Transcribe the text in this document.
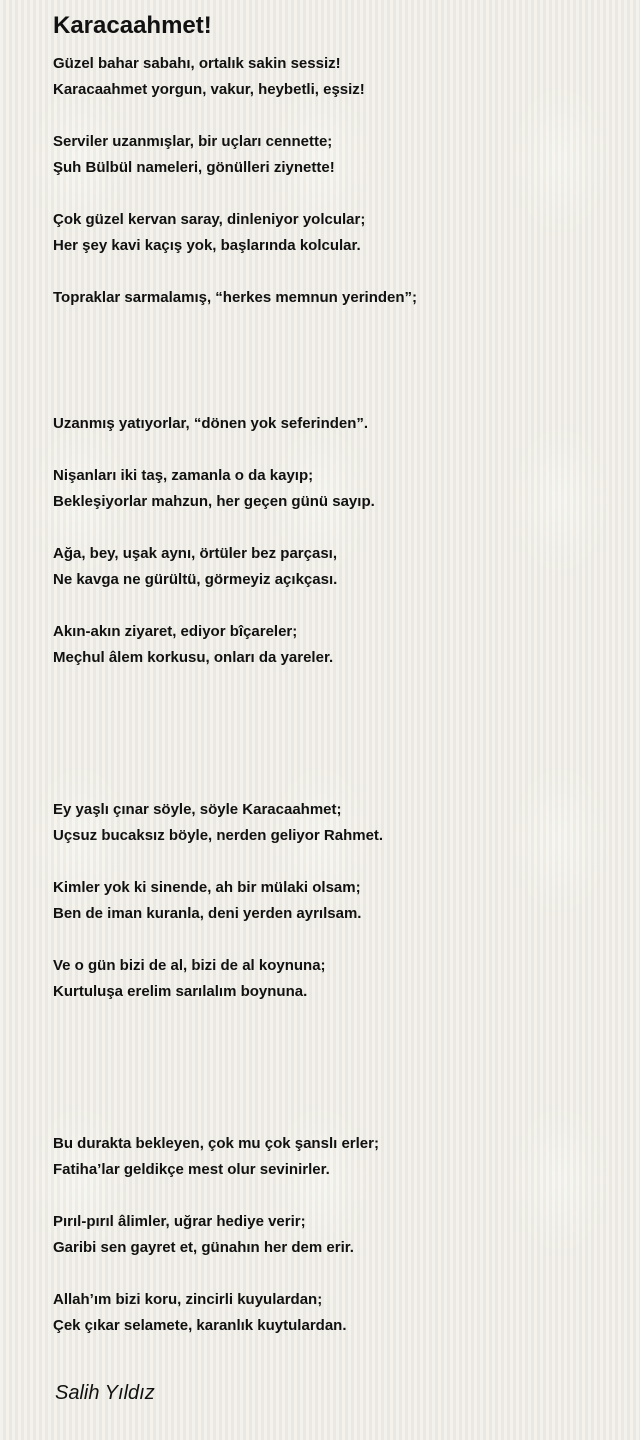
Karacaahmet!
Güzel bahar sabahı, ortalık sakin sessiz!
Karacaahmet yorgun, vakur, heybetli, eşsiz!
Serviler uzanmışlar, bir uçları cennette;
Şuh Bülbül nameleri, gönülleri ziynette!
Çok güzel kervan saray, dinleniyor yolcular;
Her şey kavi kaçış yok, başlarında kolcular.
Topraklar sarmalamış, “herkes memnun yerinden”;
Uzanmış yatıyorlar, “dönen yok seferinden”.
Nişanları iki taş, zamanla o da kayıp;
Bekleşiyorlar mahzun, her geçen günü sayıp.
Ağa, bey, uşak aynı, örtüler bez parçası,
Ne kavga ne gürültü, görmeyiz açıkçası.
Akın-akın ziyaret, ediyor bîçareler;
Meçhul âlem korkusu, onları da yareler.
Ey yaşlı çınar söyle, söyle Karacaahmet;
Uçsuz bucaksız böyle, nerden geliyor Rahmet.
Kimler yok ki sinende, ah bir mülaki olsam;
Ben de iman kuranla, deni yerden ayrılsam.
Ve o gün bizi de al, bizi de al koynuna;
Kurtuluşa erelim sarılalım boynuna.
Bu durakta bekleyen, çok mu çok şanslı erler;
Fatiha’lar geldikçe mest olur sevinirler.
Pırıl-pırıl âlimler, uğrar hediye verir;
Garibi sen gayret et, günahın her dem erir.
Allah’ım bizi koru, zincirli kuyulardan;
Çek çıkar selamete, karanlık kuytulardan.
Salih Yıldız
